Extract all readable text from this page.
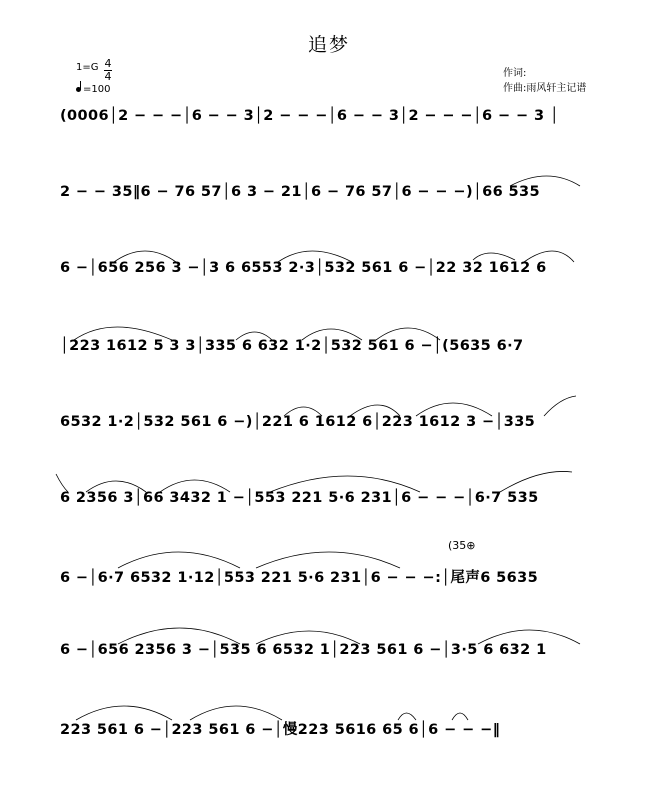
追梦
1=G 4
4
=100
作词:
作曲:雨风轩主记谱

(0006│2 − − −│6 − − 3│2 − − −│6 − − 3│2 − − −│6 − − 3 │

2 − − 35‖6 − 76 57│6 3 − 21│6 − 76 57│6 − − −)│66 535

6 −│656 256 3 −│3 6 6553 2·3│532 561 6 −│22 32 1612 6

│223 1612 5 3 3│335 6 632 1·2│532 561 6 −│(5635 6·7

6532 1·2│532 561 6 −)│221 6 1612 6│223 1612 3 −│335

6 2356 3│66 3432 1 −│553 221 5·6 231│6 − − −│6·7 535

6 −│6·7 6532 1·12│553 221 5·6 231│6 − − −:│尾声6 5635

(35⊕

6 −│656 2356 3 −│535 6 6532 1│223 561 6 −│3·5 6 632 1

223 561 6 −│223 561 6 −│慢223 5616 65 6│6 − − −‖
